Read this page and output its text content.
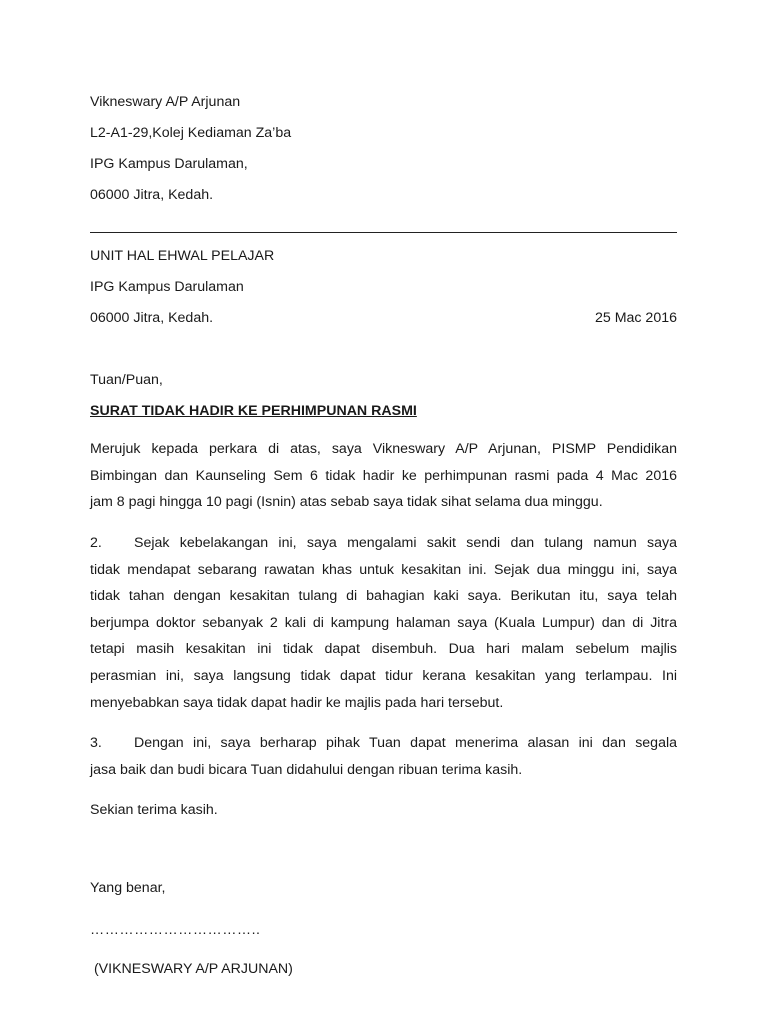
Vikneswary A/P Arjunan
L2-A1-29,Kolej Kediaman Za’ba
IPG Kampus Darulaman,
06000 Jitra, Kedah.
UNIT HAL EHWAL PELAJAR
IPG Kampus Darulaman
06000 Jitra, Kedah.	25 Mac 2016
Tuan/Puan,
SURAT TIDAK HADIR KE PERHIMPUNAN RASMI
Merujuk kepada perkara di atas, saya Vikneswary A/P Arjunan, PISMP Pendidikan
Bimbingan dan Kaunseling Sem 6 tidak hadir ke perhimpunan rasmi pada 4 Mac 2016
jam 8 pagi hingga 10 pagi (Isnin) atas sebab saya tidak sihat selama dua minggu.
2. Sejak kebelakangan ini, saya mengalami sakit sendi dan tulang namun saya
tidak mendapat sebarang rawatan khas untuk kesakitan ini. Sejak dua minggu ini, saya
tidak tahan dengan kesakitan tulang di bahagian kaki saya. Berikutan itu, saya telah
berjumpa doktor sebanyak 2 kali di kampung halaman saya (Kuala Lumpur) dan di Jitra
tetapi masih kesakitan ini tidak dapat disembuh. Dua hari malam sebelum majlis
perasmian ini, saya langsung tidak dapat tidur kerana kesakitan yang terlampau. Ini
menyebabkan saya tidak dapat hadir ke majlis pada hari tersebut.
3. Dengan ini, saya berharap pihak Tuan dapat menerima alasan ini dan segala
jasa baik dan budi bicara Tuan didahului dengan ribuan terima kasih.
Sekian terima kasih.
Yang benar,
……………………………..
(VIKNESWARY A/P ARJUNAN)
